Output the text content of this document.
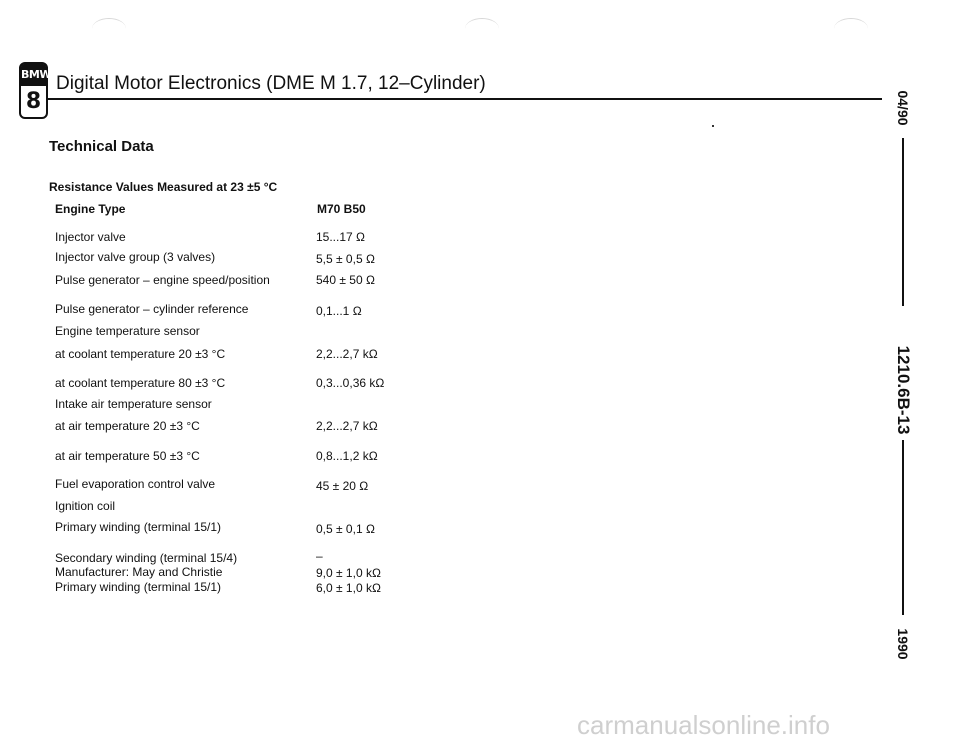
BMW
8
Digital Motor Electronics (DME M 1.7, 12–Cylinder)
Technical Data
Resistance Values Measured at 23 ±5 °C
Engine Type	M70 B50
Injector valve	15...17 Ω
Injector valve group (3 valves)	5,5 ± 0,5 Ω
Pulse generator – engine speed/position	540 ± 50 Ω
Pulse generator – cylinder reference	0,1...1 Ω
Engine temperature sensor
at coolant temperature 20 ±3 °C	2,2...2,7 kΩ
at coolant temperature 80 ±3 °C	0,3...0,36 kΩ
Intake air temperature sensor
at air temperature 20 ±3 °C	2,2...2,7 kΩ
at air temperature 50 ±3 °C	0,8...1,2 kΩ
Fuel evaporation control valve	45 ± 20 Ω
Ignition coil
Primary winding (terminal 15/1)	0,5 ± 0,1 Ω
Secondary winding (terminal 15/4)	–
Manufacturer: May and Christie	9,0 ± 1,0 kΩ
Primary winding (terminal 15/1)	6,0 ± 1,0 kΩ
04/90
1210.6B-13
1990
carmanualsonline.info
